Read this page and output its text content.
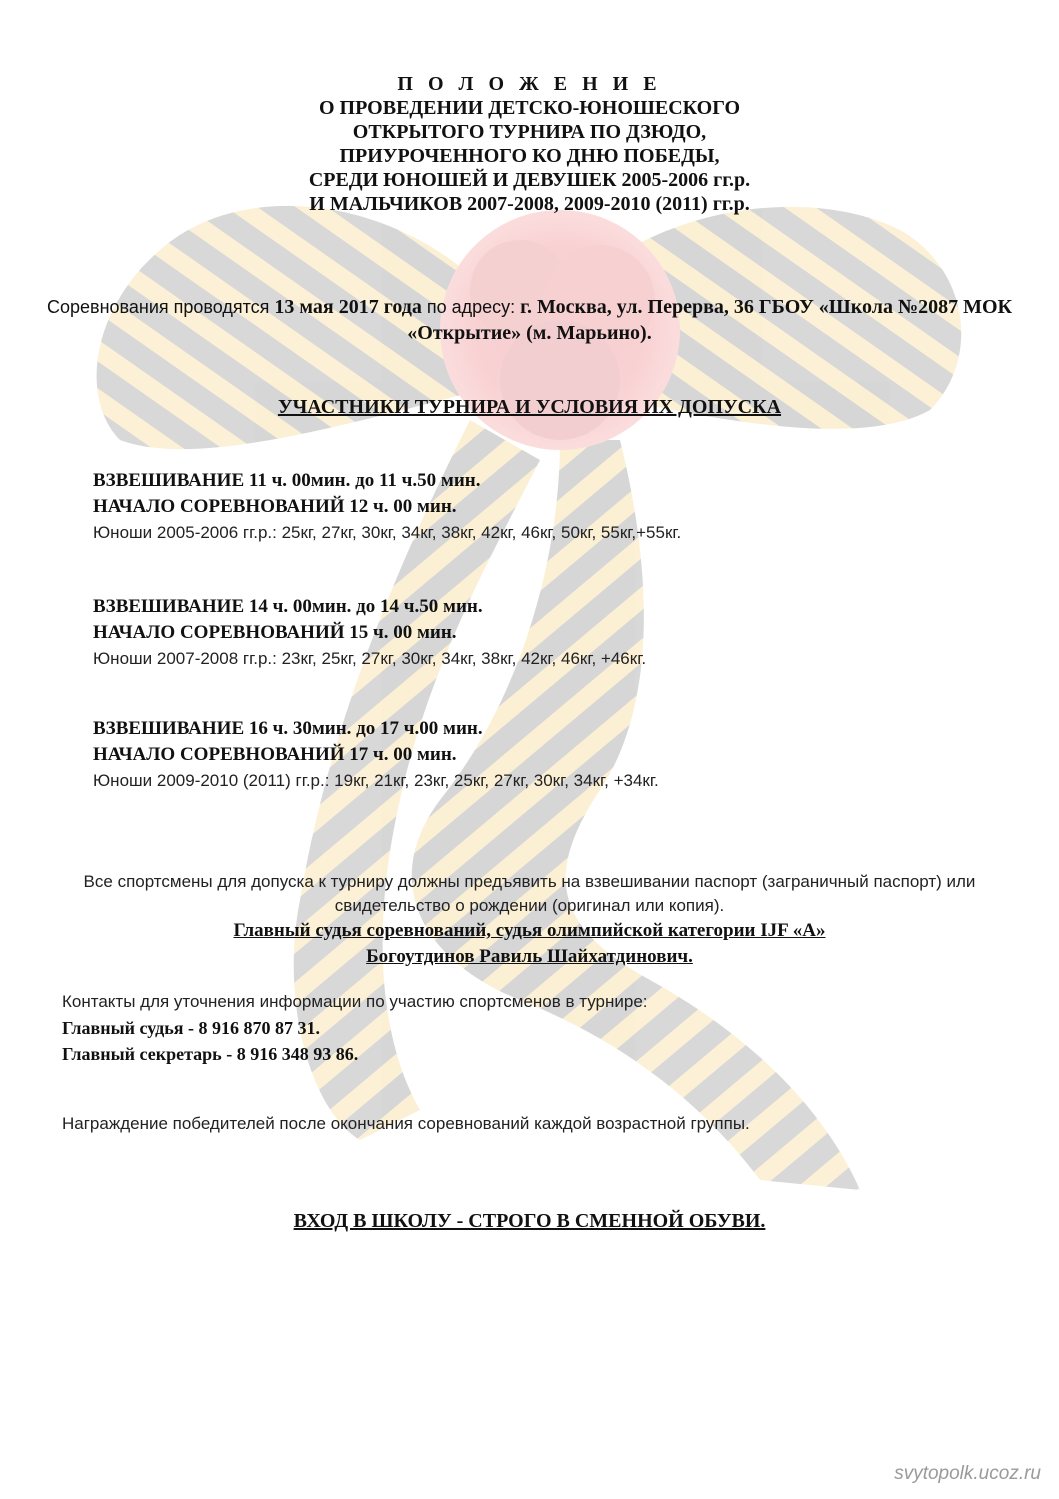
П О Л О Ж Е Н И Е
О ПРОВЕДЕНИИ ДЕТСКО-ЮНОШЕСКОГО
ОТКРЫТОГО ТУРНИРА ПО ДЗЮДО,
ПРИУРОЧЕННОГО КО ДНЮ ПОБЕДЫ,
СРЕДИ ЮНОШЕЙ И ДЕВУШЕК 2005-2006 гг.р.
И МАЛЬЧИКОВ 2007-2008, 2009-2010 (2011) гг.р.
Соревнования проводятся 13 мая 2017 года по адресу: г. Москва, ул. Перерва, 36 ГБОУ «Школа №2087 МОК «Открытие» (м. Марьино).
УЧАСТНИКИ ТУРНИРА И УСЛОВИЯ ИХ ДОПУСКА
ВЗВЕШИВАНИЕ 11 ч. 00мин. до 11 ч.50 мин.
НАЧАЛО СОРЕВНОВАНИЙ 12 ч. 00 мин.
Юноши 2005-2006 гг.р.: 25кг, 27кг, 30кг, 34кг, 38кг, 42кг, 46кг, 50кг, 55кг,+55кг.
ВЗВЕШИВАНИЕ 14 ч. 00мин. до 14 ч.50 мин.
НАЧАЛО СОРЕВНОВАНИЙ 15 ч. 00 мин.
Юноши 2007-2008 гг.р.: 23кг, 25кг, 27кг, 30кг, 34кг, 38кг, 42кг, 46кг, +46кг.
ВЗВЕШИВАНИЕ 16 ч. 30мин. до 17 ч.00 мин.
НАЧАЛО СОРЕВНОВАНИЙ 17 ч. 00 мин.
Юноши 2009-2010 (2011) гг.р.: 19кг, 21кг, 23кг, 25кг, 27кг, 30кг, 34кг, +34кг.
Все спортсмены для допуска к турниру должны предъявить на взвешивании паспорт (заграничный паспорт) или свидетельство о рождении (оригинал или копия).
Главный судья соревнований, судья олимпийской категории IJF «А»
Богоутдинов Равиль Шайхатдинович.
Контакты для уточнения информации по участию спортсменов в турнире:
Главный судья - 8 916 870 87 31.
Главный секретарь - 8 916 348 93 86.
Награждение победителей после окончания соревнований каждой возрастной группы.
ВХОД В ШКОЛУ - СТРОГО В СМЕННОЙ ОБУВИ.
svytopolk.ucoz.ru
